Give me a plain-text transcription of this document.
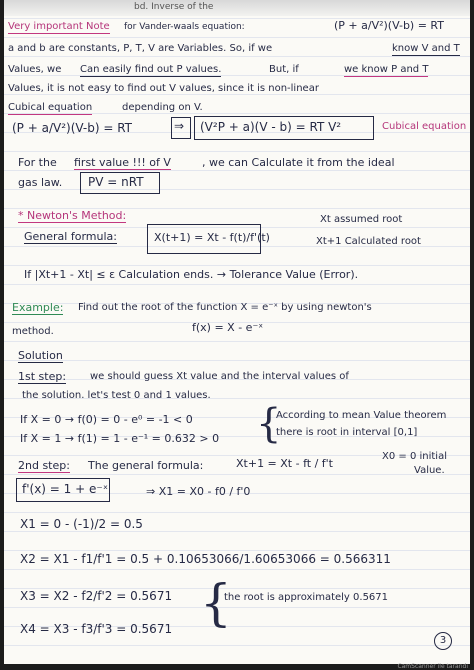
bd. Inverse of the
Very important Note for Vander-waals equation:	(P + a/V²)(V-b) = RT
a and b are constants, P, T, V are Variables. So, if we	know V and T
Values, we Can easily find out P values.	But, if	we know P and T
Values, it is not easy to find out V values, since it is non-linear
Cubical equation	depending on V.
(P + a/V²)(V-b) = RT	⇒ (V²P + a)(V - b) = RT V²	Cubical equation
For the first value !!! of V	, we can Calculate it from the ideal
gas law. PV = nRT
* Newton's Method:
General formula:	X(t+1) = Xt - f(t)/f'(t)
Xt assumed root
Xt+1 Calculated root
If |Xt+1 - Xt| ≤ ε Calculation ends. → Tolerance Value (Error).
Example: Find out the root of the function X = e⁻ˣ by using newton's
method.	f(x) = X - e⁻ˣ
Solution
1st step: we should guess Xt value and the interval values of
the solution. let's test 0 and 1 values.
If X = 0 → f(0) = 0 - e⁰ = -1 < 0
If X = 1 → f(1) = 1 - e⁻¹ = 0.632 > 0 {
According to mean Value theorem
there is root in interval [0,1]
2nd step: The general formula:	Xt+1 = Xt - ft / f't
X0 = 0 initial
Value.
f'(x) = 1 + e⁻ˣ	⇒ X1 = X0 - f0 / f'0
X1 = 0 - (-1)/2 = 0.5
X2 = X1 - f1/f'1 = 0.5 + 0.10653066/1.60653066 = 0.566311
X3 = X2 - f2/f'2 = 0.5671
X4 = X3 - f3/f'3 = 0.5671 {
the root is approximately 0.5671
3
CamScanner ile tarandı
